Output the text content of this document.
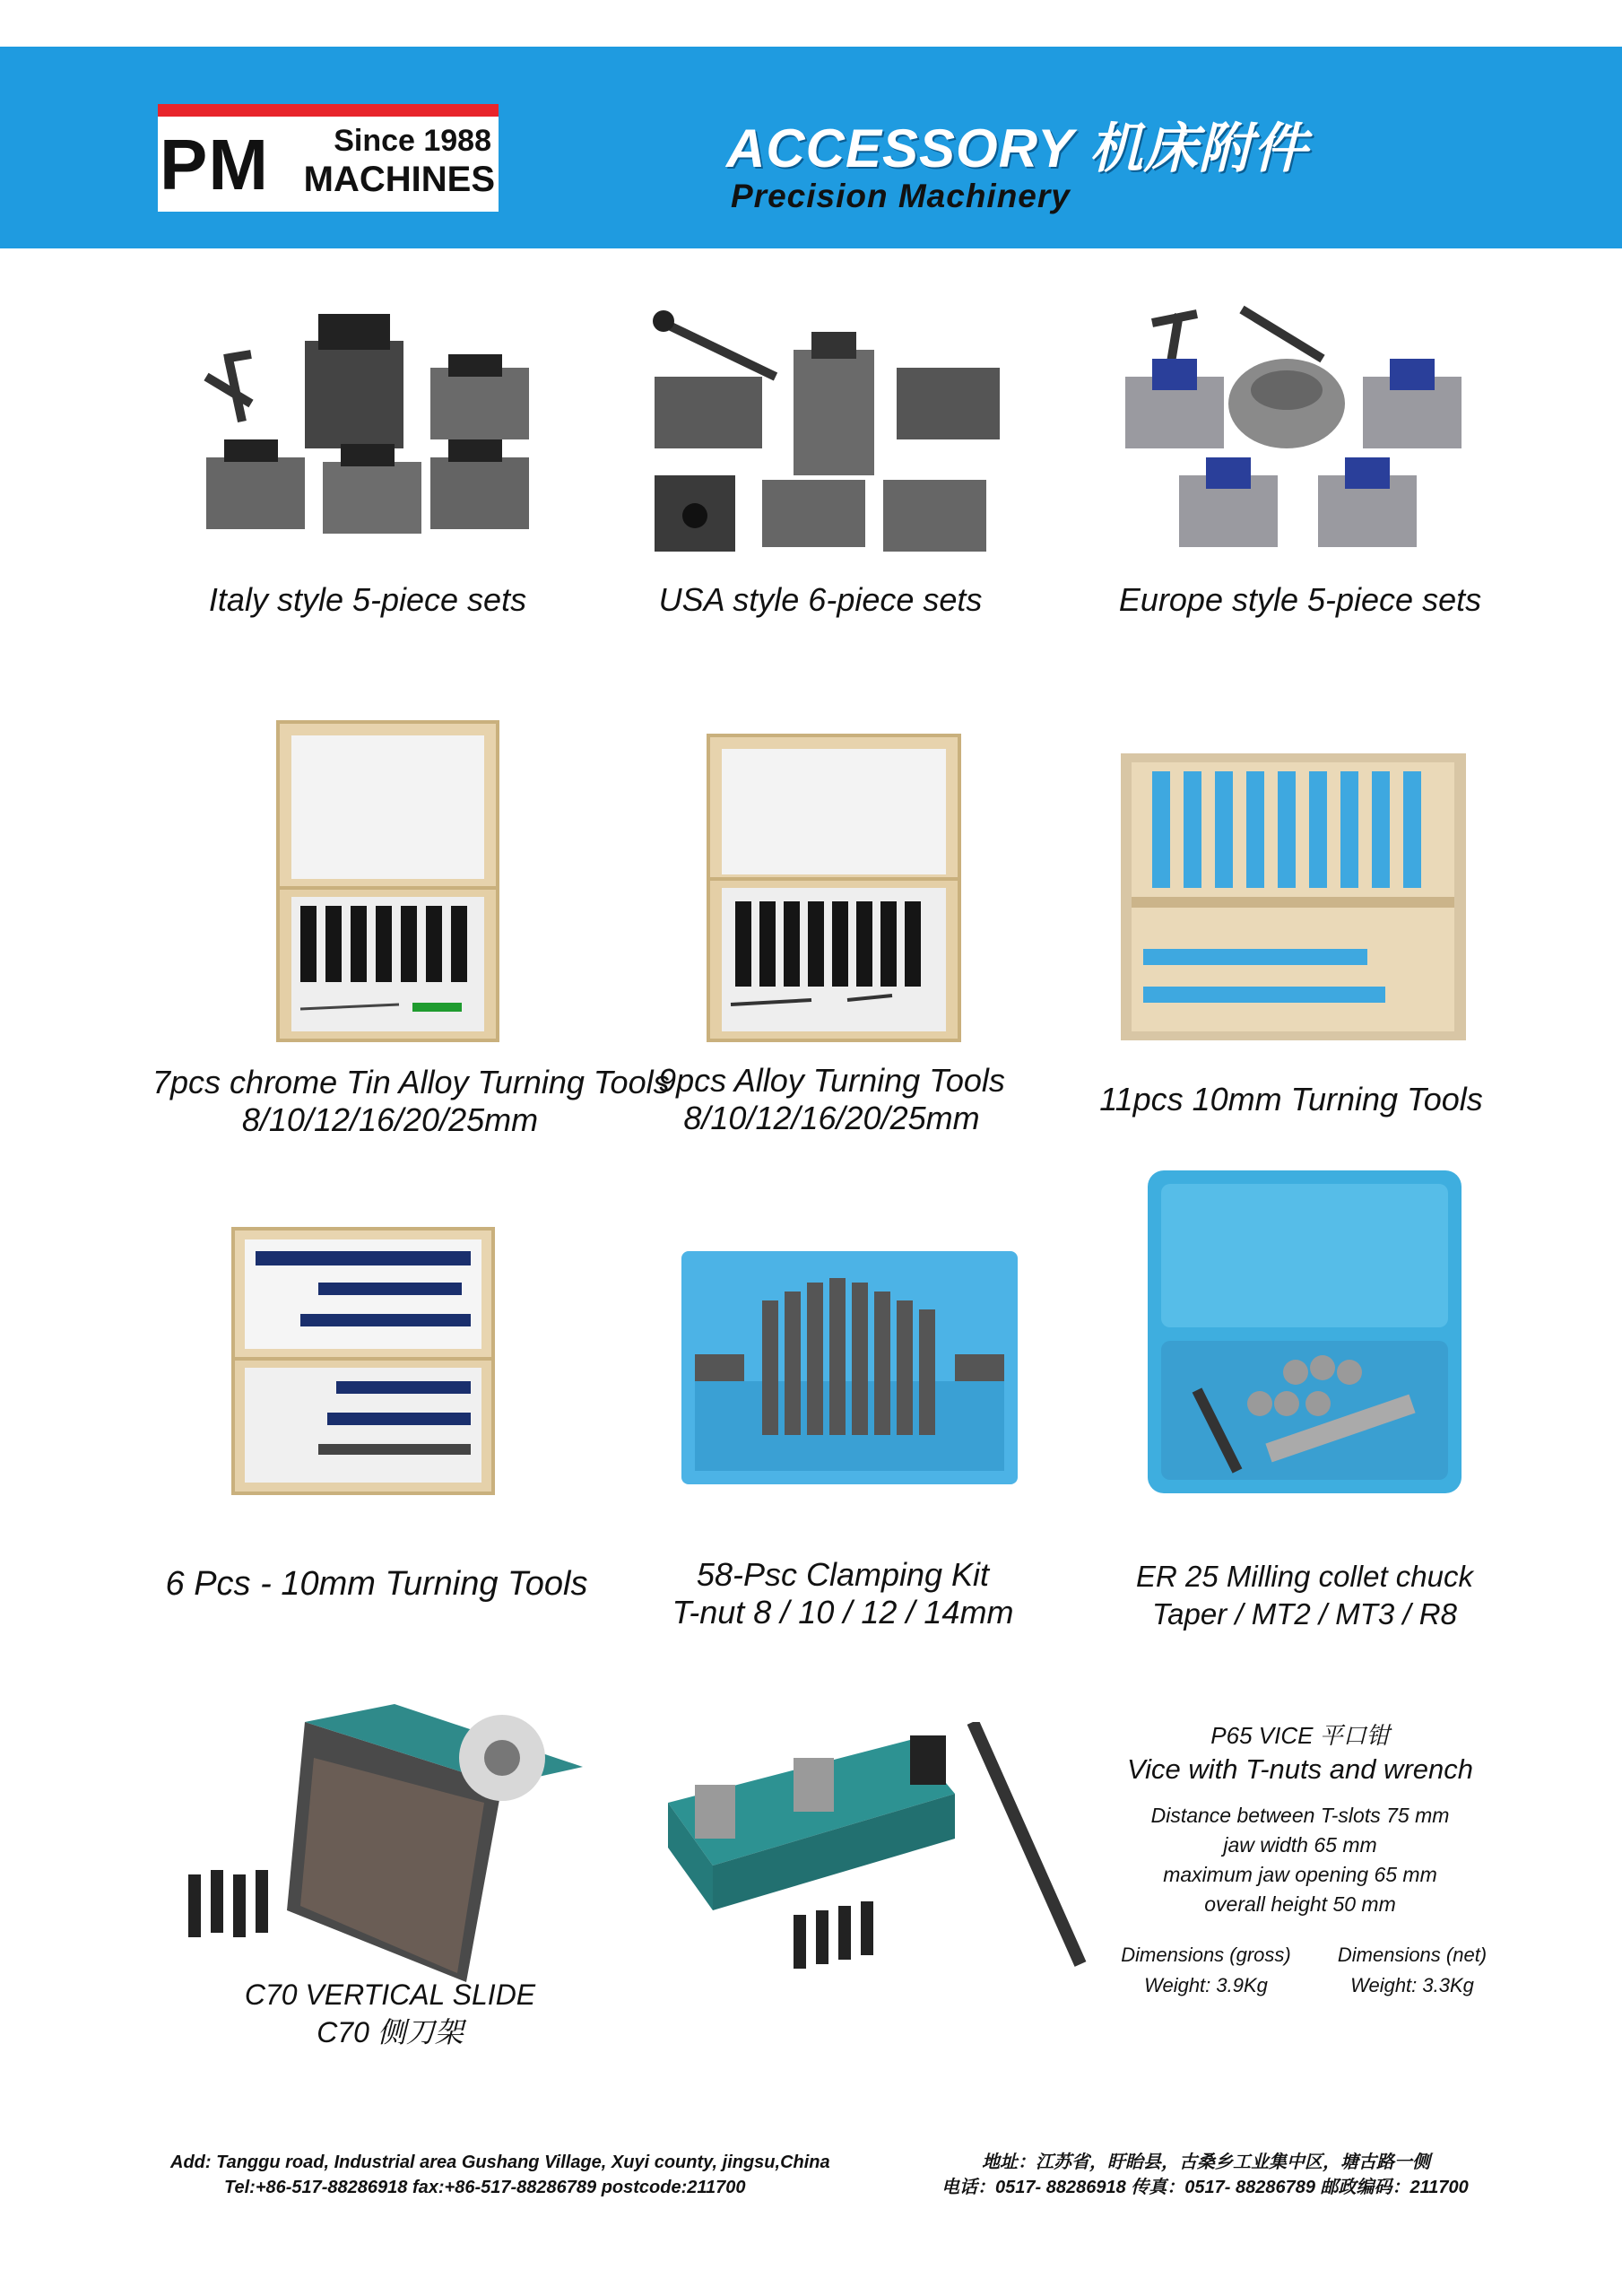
PM Since 1988
MACHINES
ACCESSORY 机床附件
Precision Machinery
Italy style 5-piece sets	USA style 6-piece sets	Europe style 5-piece sets
7pcs chrome Tin Alloy Turning Tools
8/10/12/16/20/25mm
9pcs Alloy Turning Tools
8/10/12/16/20/25mm
11pcs 10mm Turning Tools
6 Pcs - 10mm Turning Tools	58-Psc Clamping Kit
T-nut 8 / 10 / 12 / 14mm
ER 25 Milling collet chuck
Taper / MT2 / MT3 / R8
C70 VERTICAL SLIDE
C70 侧刀架
P65 VICE 平口钳
Vice with T-nuts and wrench
Distance between T-slots 75 mm
jaw width 65 mm
maximum jaw opening 65 mm
overall height 50 mm
Dimensions (gross)
Weight: 3.9Kg
Dimensions (net)
Weight: 3.3Kg
Add: Tanggu road, Industrial area Gushang Village, Xuyi county, jingsu,China
Tel:+86-517-88286918 fax:+86-517-88286789 postcode:211700
地址：江苏省，盱眙县，古桑乡工业集中区，塘古路一侧
电话：0517- 88286918 传真：0517- 88286789 邮政编码：211700
